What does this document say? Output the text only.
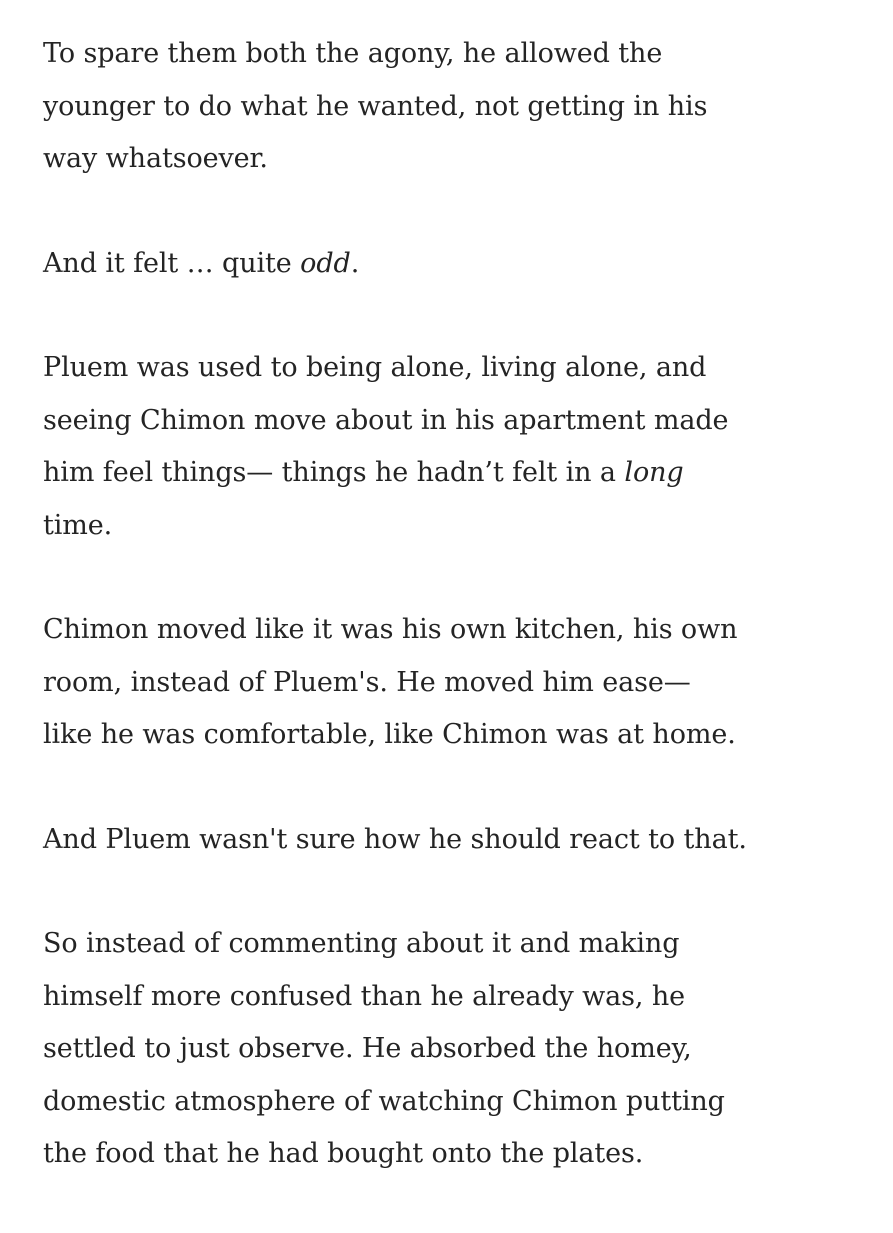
To spare them both the agony, he allowed the
younger to do what he wanted, not getting in his
way whatsoever.

And it felt … quite odd.

Pluem was used to being alone, living alone, and
seeing Chimon move about in his apartment made
him feel things— things he hadn’t felt in a long
time.

Chimon moved like it was his own kitchen, his own
room, instead of Pluem's. He moved him ease—
like he was comfortable, like Chimon was at home.

And Pluem wasn't sure how he should react to that.

So instead of commenting about it and making
himself more confused than he already was, he
settled to just observe. He absorbed the homey,
domestic atmosphere of watching Chimon putting
the food that he had bought onto the plates.
